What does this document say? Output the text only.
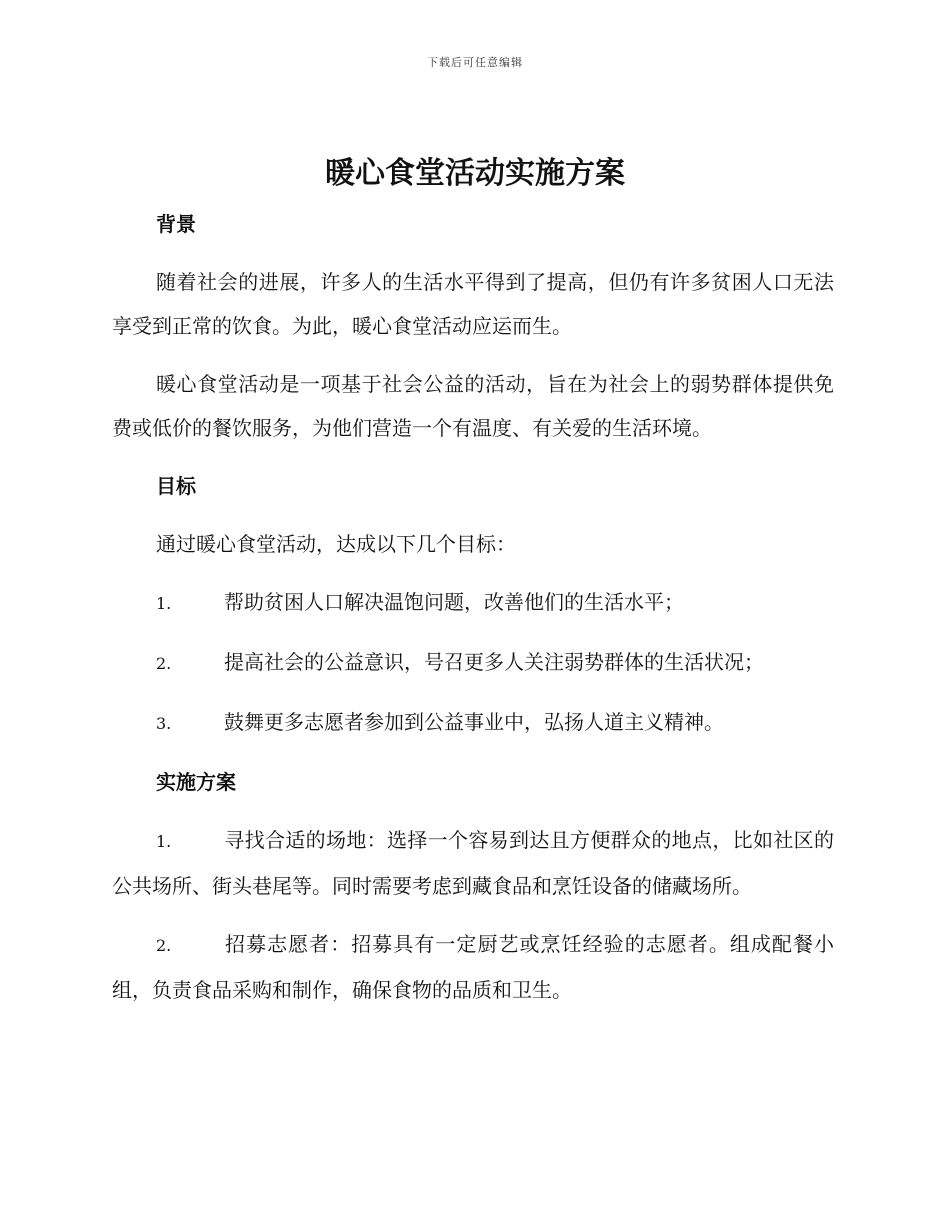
下载后可任意编辑
暖心食堂活动实施方案
背景

随着社会的进展，许多人的生活水平得到了提高，但仍有许多贫困人口无法享受到正常的饮食。为此，暖心食堂活动应运而生。

暖心食堂活动是一项基于社会公益的活动，旨在为社会上的弱势群体提供免费或低价的餐饮服务，为他们营造一个有温度、有关爱的生活环境。

目标

通过暖心食堂活动，达成以下几个目标：

1.	帮助贫困人口解决温饱问题，改善他们的生活水平；

2.	提高社会的公益意识，号召更多人关注弱势群体的生活状况；

3.	鼓舞更多志愿者参加到公益事业中，弘扬人道主义精神。

实施方案

1.	寻找合适的场地：选择一个容易到达且方便群众的地点，比如社区的公共场所、街头巷尾等。同时需要考虑到藏食品和烹饪设备的储藏场所。

2.	招募志愿者：招募具有一定厨艺或烹饪经验的志愿者。组成配餐小组，负责食品采购和制作，确保食物的品质和卫生。
